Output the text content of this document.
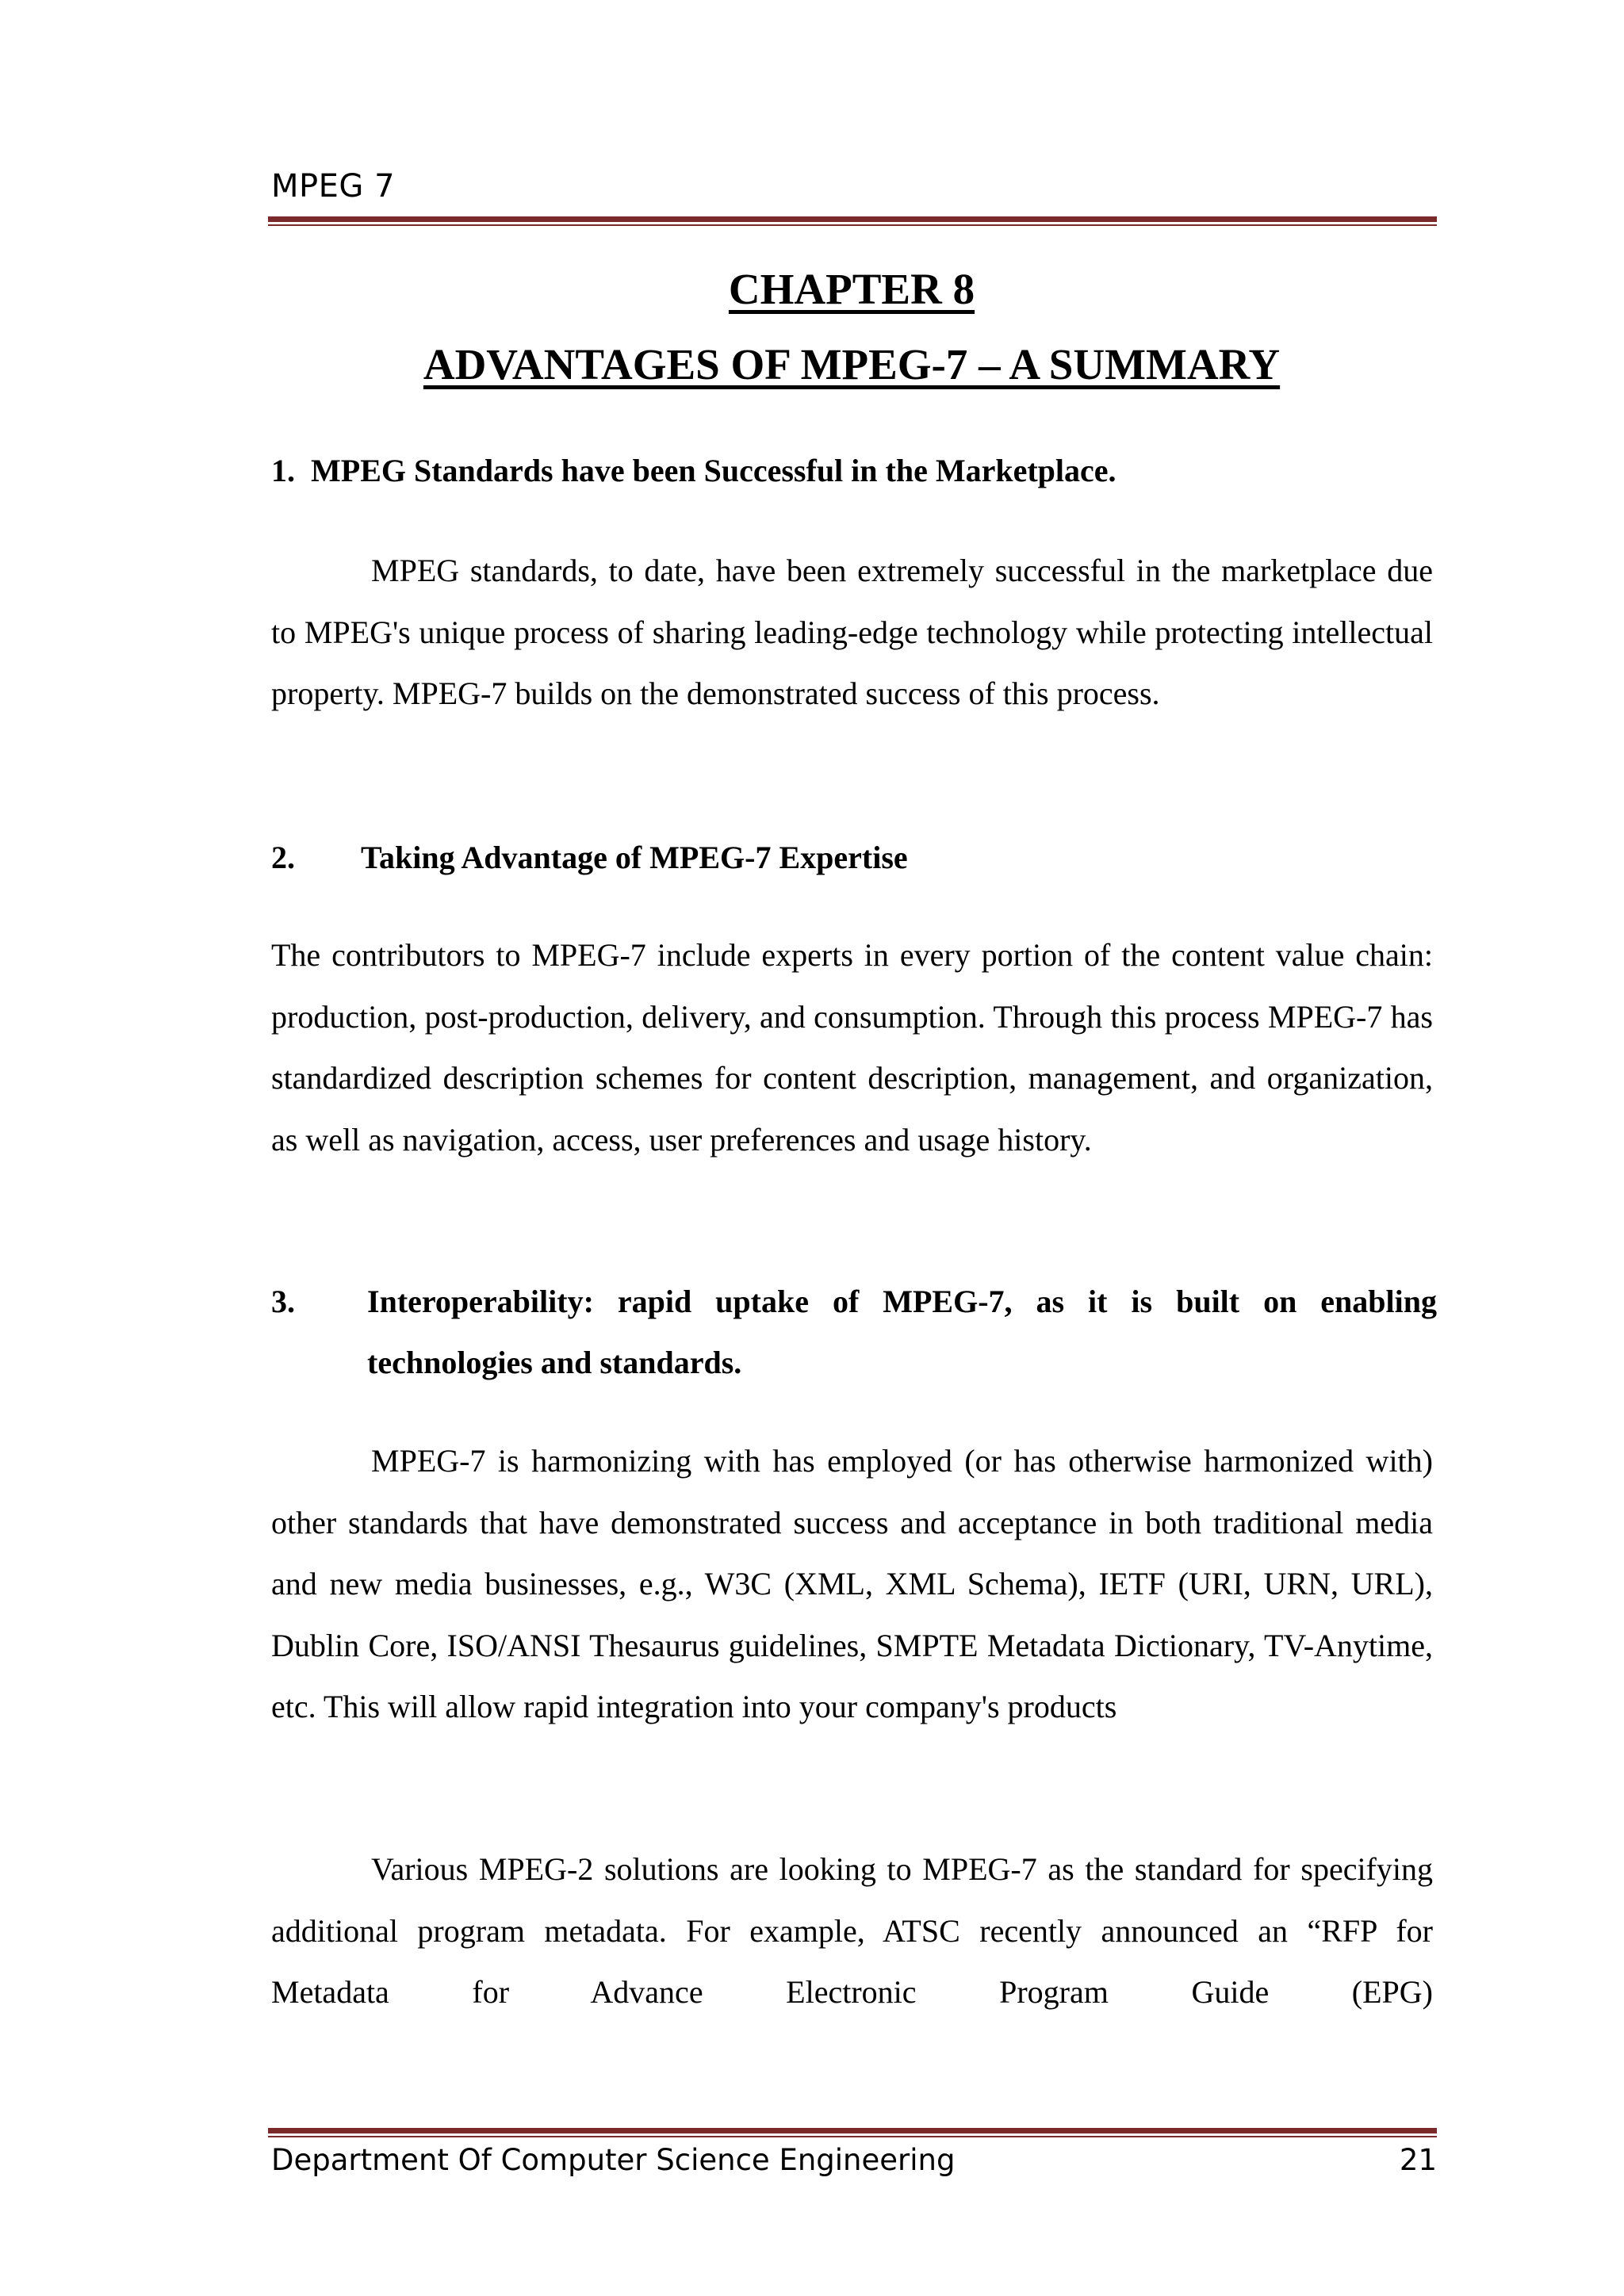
MPEG 7
CHAPTER 8
ADVANTAGES OF MPEG-7 – A SUMMARY
1. MPEG Standards have been Successful in the Marketplace.
MPEG standards, to date, have been extremely successful in the marketplace due to MPEG's unique process of sharing leading-edge technology while protecting intellectual property. MPEG-7 builds on the demonstrated success of this process.
2.	Taking Advantage of MPEG-7 Expertise
The contributors to MPEG-7 include experts in every portion of the content value chain: production, post-production, delivery, and consumption. Through this process MPEG-7 has standardized description schemes for content description, management, and organization, as well as navigation, access, user preferences and usage history.
3.	Interoperability: rapid uptake of MPEG-7, as it is built on enabling technologies and standards.
MPEG-7 is harmonizing with has employed (or has otherwise harmonized with) other standards that have demonstrated success and acceptance in both traditional media and new media businesses, e.g., W3C (XML, XML Schema), IETF (URI, URN, URL), Dublin Core, ISO/ANSI Thesaurus guidelines, SMPTE Metadata Dictionary, TV-Anytime, etc. This will allow rapid integration into your company's products
Various MPEG-2 solutions are looking to MPEG-7 as the standard for specifying additional program metadata. For example, ATSC recently announced an “RFP for Metadata for Advance Electronic Program Guide (EPG)
Department Of Computer Science Engineering	21
